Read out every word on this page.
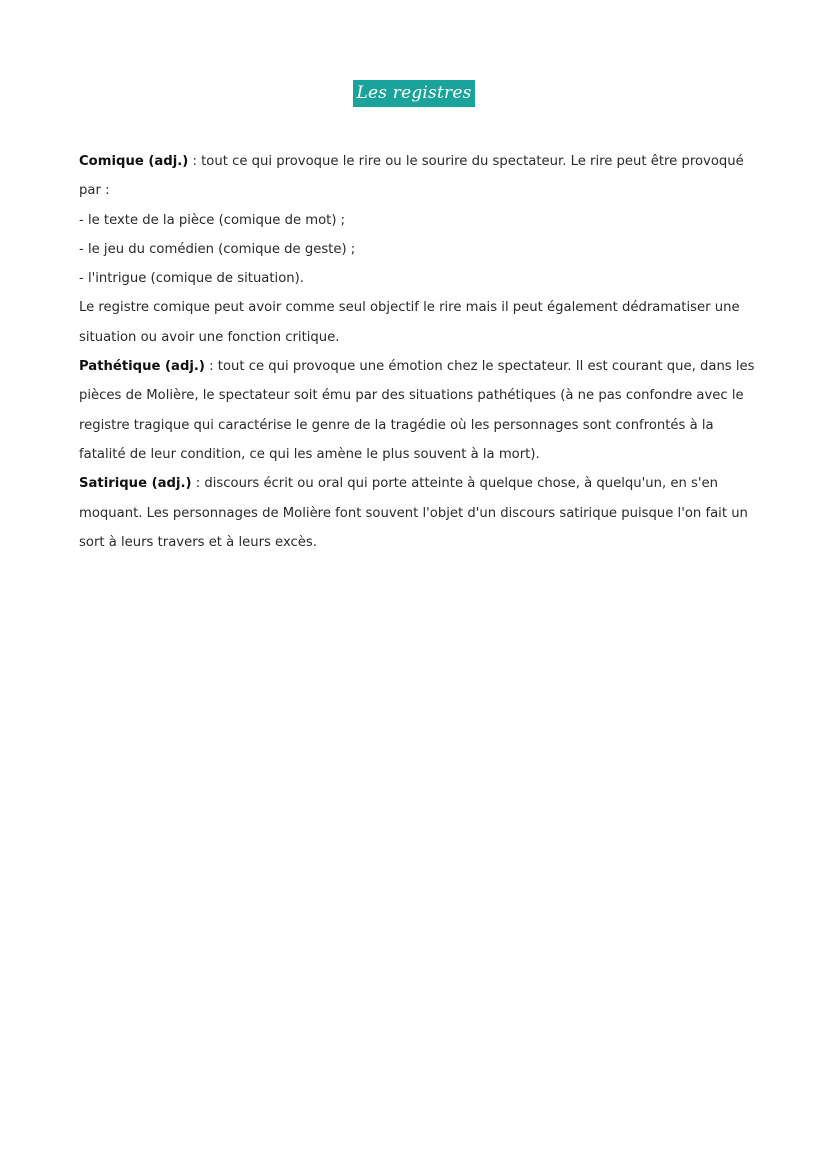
Les registres
Comique (adj.) : tout ce qui provoque le rire ou le sourire du spectateur. Le rire peut être provoqué
par :
- le texte de la pièce (comique de mot) ;
- le jeu du comédien (comique de geste) ;
- l'intrigue (comique de situation).
Le registre comique peut avoir comme seul objectif le rire mais il peut également dédramatiser une
situation ou avoir une fonction critique.
Pathétique (adj.) : tout ce qui provoque une émotion chez le spectateur. Il est courant que, dans les
pièces de Molière, le spectateur soit ému par des situations pathétiques (à ne pas confondre avec le
registre tragique qui caractérise le genre de la tragédie où les personnages sont confrontés à la
fatalité de leur condition, ce qui les amène le plus souvent à la mort).
Satirique (adj.) : discours écrit ou oral qui porte atteinte à quelque chose, à quelqu'un, en s'en
moquant. Les personnages de Molière font souvent l'objet d'un discours satirique puisque l'on fait un
sort à leurs travers et à leurs excès.
